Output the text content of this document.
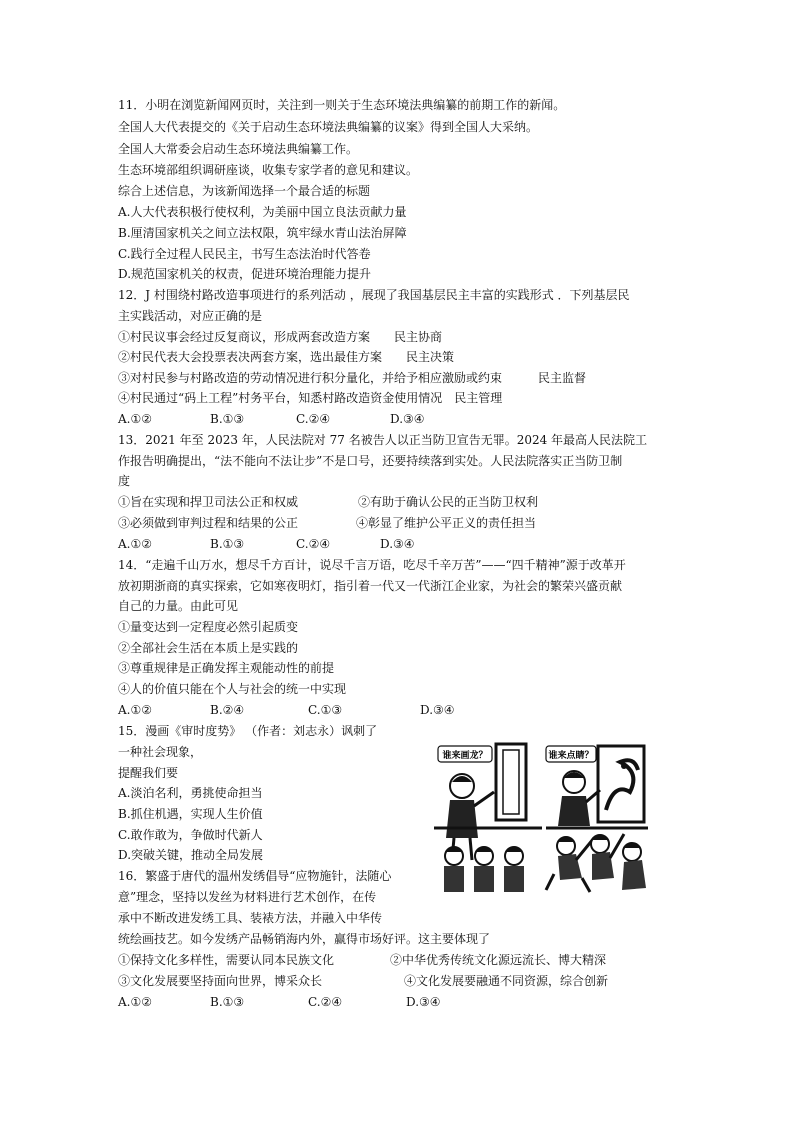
11．小明在浏览新闻网页时，关注到一则关于生态环境法典编纂的前期工作的新闻。
全国人大代表提交的《关于启动生态环境法典编纂的议案》得到全国人大采纳。
全国人大常委会启动生态环境法典编纂工作。
生态环境部组织调研座谈，收集专家学者的意见和建议。
综合上述信息，为该新闻选择一个最合适的标题
A.人大代表积极行使权利，为美丽中国立良法贡献力量
B.厘清国家机关之间立法权限，筑牢绿水青山法治屏障
C.践行全过程人民民主，书写生态法治时代答卷
D.规范国家机关的权责，促进环境治理能力提升
12．J 村围绕村路改造事项进行的系列活动 ，展现了我国基层民主丰富的实践形式 ．下列基层民
主实践活动，对应正确的是
①村民议事会经过反复商议，形成两套改造方案　　民主协商
②村民代表大会投票表决两套方案，选出最佳方案　　民主决策
③对村民参与村路改造的劳动情况进行积分量化，并给予相应激励或约束　　　民主监督
④村民通过“码上工程”村务平台，知悉村路改造资金使用情况　民主管理
A.①②	B.①③	C.②④	D.③④
13．2021 年至 2023 年，人民法院对 77 名被告人以正当防卫宣告无罪。2024 年最高人民法院工
作报告明确提出，“法不能向不法让步”不是口号，还要持续落到实处。人民法院落实正当防卫制
度
①旨在实现和捍卫司法公正和权威	②有助于确认公民的正当防卫权利
③必须做到审判过程和结果的公正	④彰显了维护公平正义的责任担当
A.①②	B.①③	C.②④	D.③④
14．“走遍千山万水，想尽千方百计，说尽千言万语，吃尽千辛万苦”——“四千精神”源于改革开
放初期浙商的真实探索，它如寒夜明灯，指引着一代又一代浙江企业家，为社会的繁荣兴盛贡献
自己的力量。由此可见
①量变达到一定程度必然引起质变
②全部社会生活在本质上是实践的
③尊重规律是正确发挥主观能动性的前提
④人的价值只能在个人与社会的统一中实现
A.①②	B.②④	C.①③	D.③④
15．漫画《审时度势》 （作者：刘志永）讽刺了
一种社会现象，
提醒我们要
A.淡泊名利，勇挑使命担当
B.抓住机遇，实现人生价值
C.敢作敢为，争做时代新人
D.突破关键，推动全局发展
谁来画龙？	谁来点睛？
16．繁盛于唐代的温州发绣倡导“应物施针，法随心
意”理念，坚持以发丝为材料进行艺术创作，在传
承中不断改进发绣工具、装裱方法，并融入中华传
统绘画技艺。如今发绣产品畅销海内外，赢得市场好评。这主要体现了
①保持文化多样性，需要认同本民族文化	②中华优秀传统文化源远流长、博大精深
③文化发展要坚持面向世界，博采众长	④文化发展要融通不同资源，综合创新
A.①②	B.①③	C.②④	D.③④
